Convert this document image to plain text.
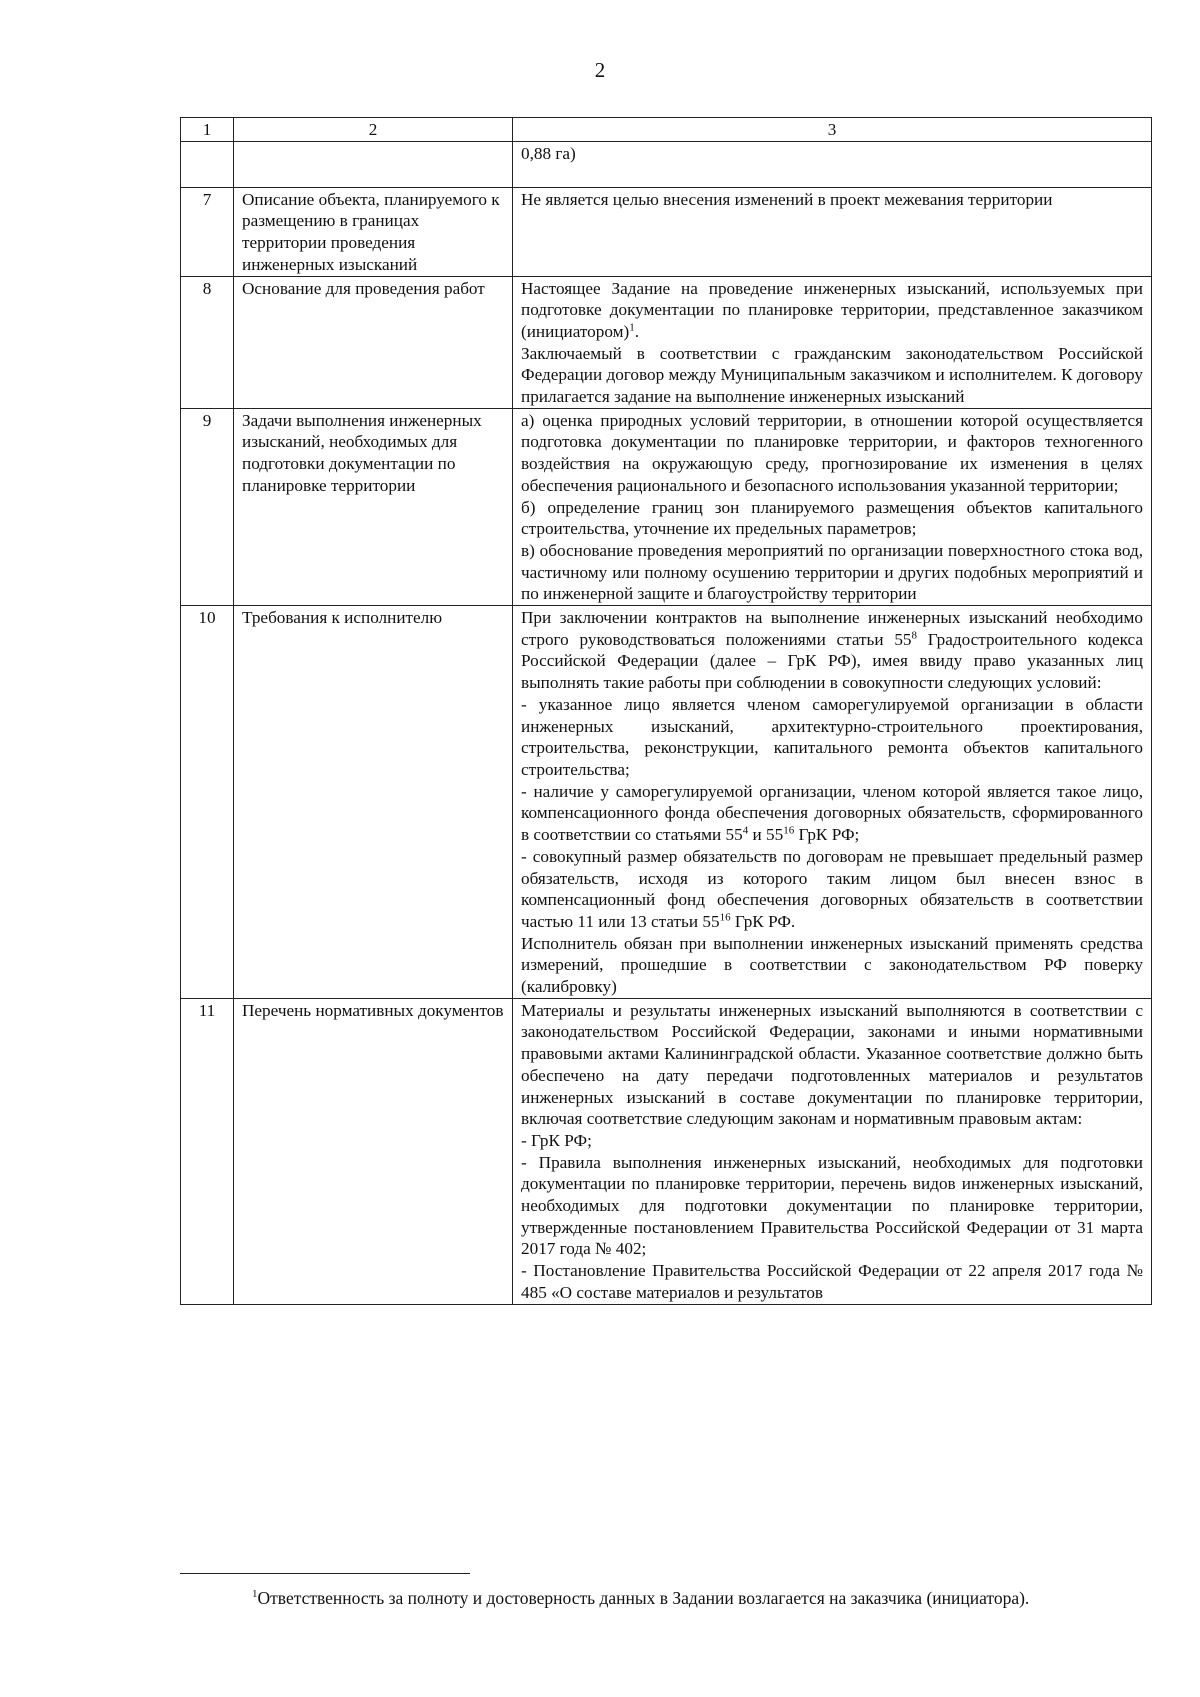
2
1	2	3

		0,88 га)

7	Описание объекта, планируемого к размещению в границах территории проведения инженерных изысканий	Не является целью внесения изменений в проект межевания территории

8	Основание для проведения работ	Настоящее Задание на проведение инженерных изысканий, используемых при подготовке документации по планировке территории, представленное заказчиком (инициатором)$^1$.

Заключаемый в соответствии с гражданским законодательством Российской Федерации договор между Муниципальным заказчиком и исполнителем. К договору прилагается задание на выполнение инженерных изысканий

9	Задачи выполнения инженерных изысканий, необходимых для подготовки документации по планировке территории	а) оценка природных условий территории, в отношении которой осуществляется подготовка документации по планировке территории, и факторов техногенного воздействия на окружающую среду, прогнозирование их изменения в целях обеспечения рационального и безопасного использования указанной территории;

б) определение границ зон планируемого размещения объектов капитального строительства, уточнение их предельных параметров;

в) обоснование проведения мероприятий по организации поверхностного стока вод, частичному или полному осушению территории и других подобных мероприятий и по инженерной защите и благоустройству территории

10	Требования к исполнителю	При заключении контрактов на выполнение инженерных изысканий необходимо строго руководствоваться положениями статьи $55^8$ Градостроительного кодекса Российской Федерации (далее – ГрК РФ), имея ввиду право указанных лиц выполнять такие работы при соблюдении в совокупности следующих условий:

- указанное лицо является членом саморегулируемой организации в области инженерных изысканий, архитектурно-строительного проектирования, строительства, реконструкции, капитального ремонта объектов капитального строительства;

- наличие у саморегулируемой организации, членом которой является такое лицо, компенсационного фонда обеспечения договорных обязательств, сформированного в соответствии со статьями $55^4$ и $55^{16}$ ГрК РФ;

- совокупный размер обязательств по договорам не превышает предельный размер обязательств, исходя из которого таким лицом был внесен взнос в компенсационный фонд обеспечения договорных обязательств в соответствии частью 11 или 13 статьи $55^{16}$ ГрК РФ.

Исполнитель обязан при выполнении инженерных изысканий применять средства измерений, прошедшие в соответствии с законодательством РФ поверку (калибровку)

11	Перечень нормативных документов	Материалы и результаты инженерных изысканий выполняются в соответствии с законодательством Российской Федерации, законами и иными нормативными правовыми актами Калининградской области. Указанное соответствие должно быть обеспечено на дату передачи подготовленных материалов и результатов инженерных изысканий в составе документации по планировке территории, включая соответствие следующим законам и нормативным правовым актам:

- ГрК РФ;

- Правила выполнения инженерных изысканий, необходимых для подготовки документации по планировке территории, перечень видов инженерных изысканий, необходимых для подготовки документации по планировке территории, утвержденные постановлением Правительства Российской Федерации от 31 марта 2017 года № 402;

- Постановление Правительства Российской Федерации от 22 апреля 2017 года № 485 «О составе материалов и результатов

$^1$Ответственность за полноту и достоверность данных в Задании возлагается на заказчика (инициатора).
